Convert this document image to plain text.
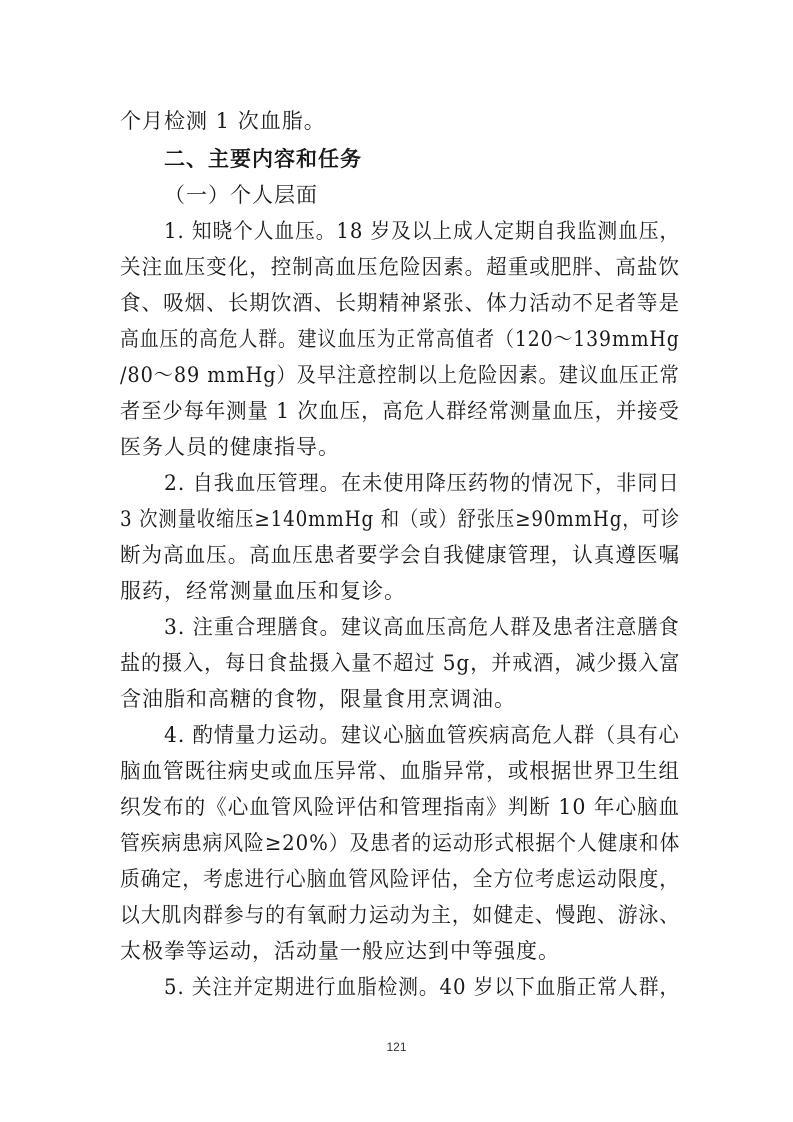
个月检测 1 次血脂。
二、主要内容和任务
（一）个人层面
1. 知晓个人血压。18 岁及以上成人定期自我监测血压，
关注血压变化，控制高血压危险因素。超重或肥胖、高盐饮
食、吸烟、长期饮酒、长期精神紧张、体力活动不足者等是
高血压的高危人群。建议血压为正常高值者（120～139mmHg
/80～89 mmHg）及早注意控制以上危险因素。建议血压正常
者至少每年测量 1 次血压，高危人群经常测量血压，并接受
医务人员的健康指导。
2. 自我血压管理。在未使用降压药物的情况下，非同日
3 次测量收缩压≥140mmHg 和（或）舒张压≥90mmHg，可诊
断为高血压。高血压患者要学会自我健康管理，认真遵医嘱
服药，经常测量血压和复诊。
3. 注重合理膳食。建议高血压高危人群及患者注意膳食
盐的摄入，每日食盐摄入量不超过 5g，并戒酒，减少摄入富
含油脂和高糖的食物，限量食用烹调油。
4. 酌情量力运动。建议心脑血管疾病高危人群（具有心
脑血管既往病史或血压异常、血脂异常，或根据世界卫生组
织发布的《心血管风险评估和管理指南》判断 10 年心脑血
管疾病患病风险≥20%）及患者的运动形式根据个人健康和体
质确定，考虑进行心脑血管风险评估，全方位考虑运动限度，
以大肌肉群参与的有氧耐力运动为主，如健走、慢跑、游泳、
太极拳等运动，活动量一般应达到中等强度。
5. 关注并定期进行血脂检测。40 岁以下血脂正常人群，
121
